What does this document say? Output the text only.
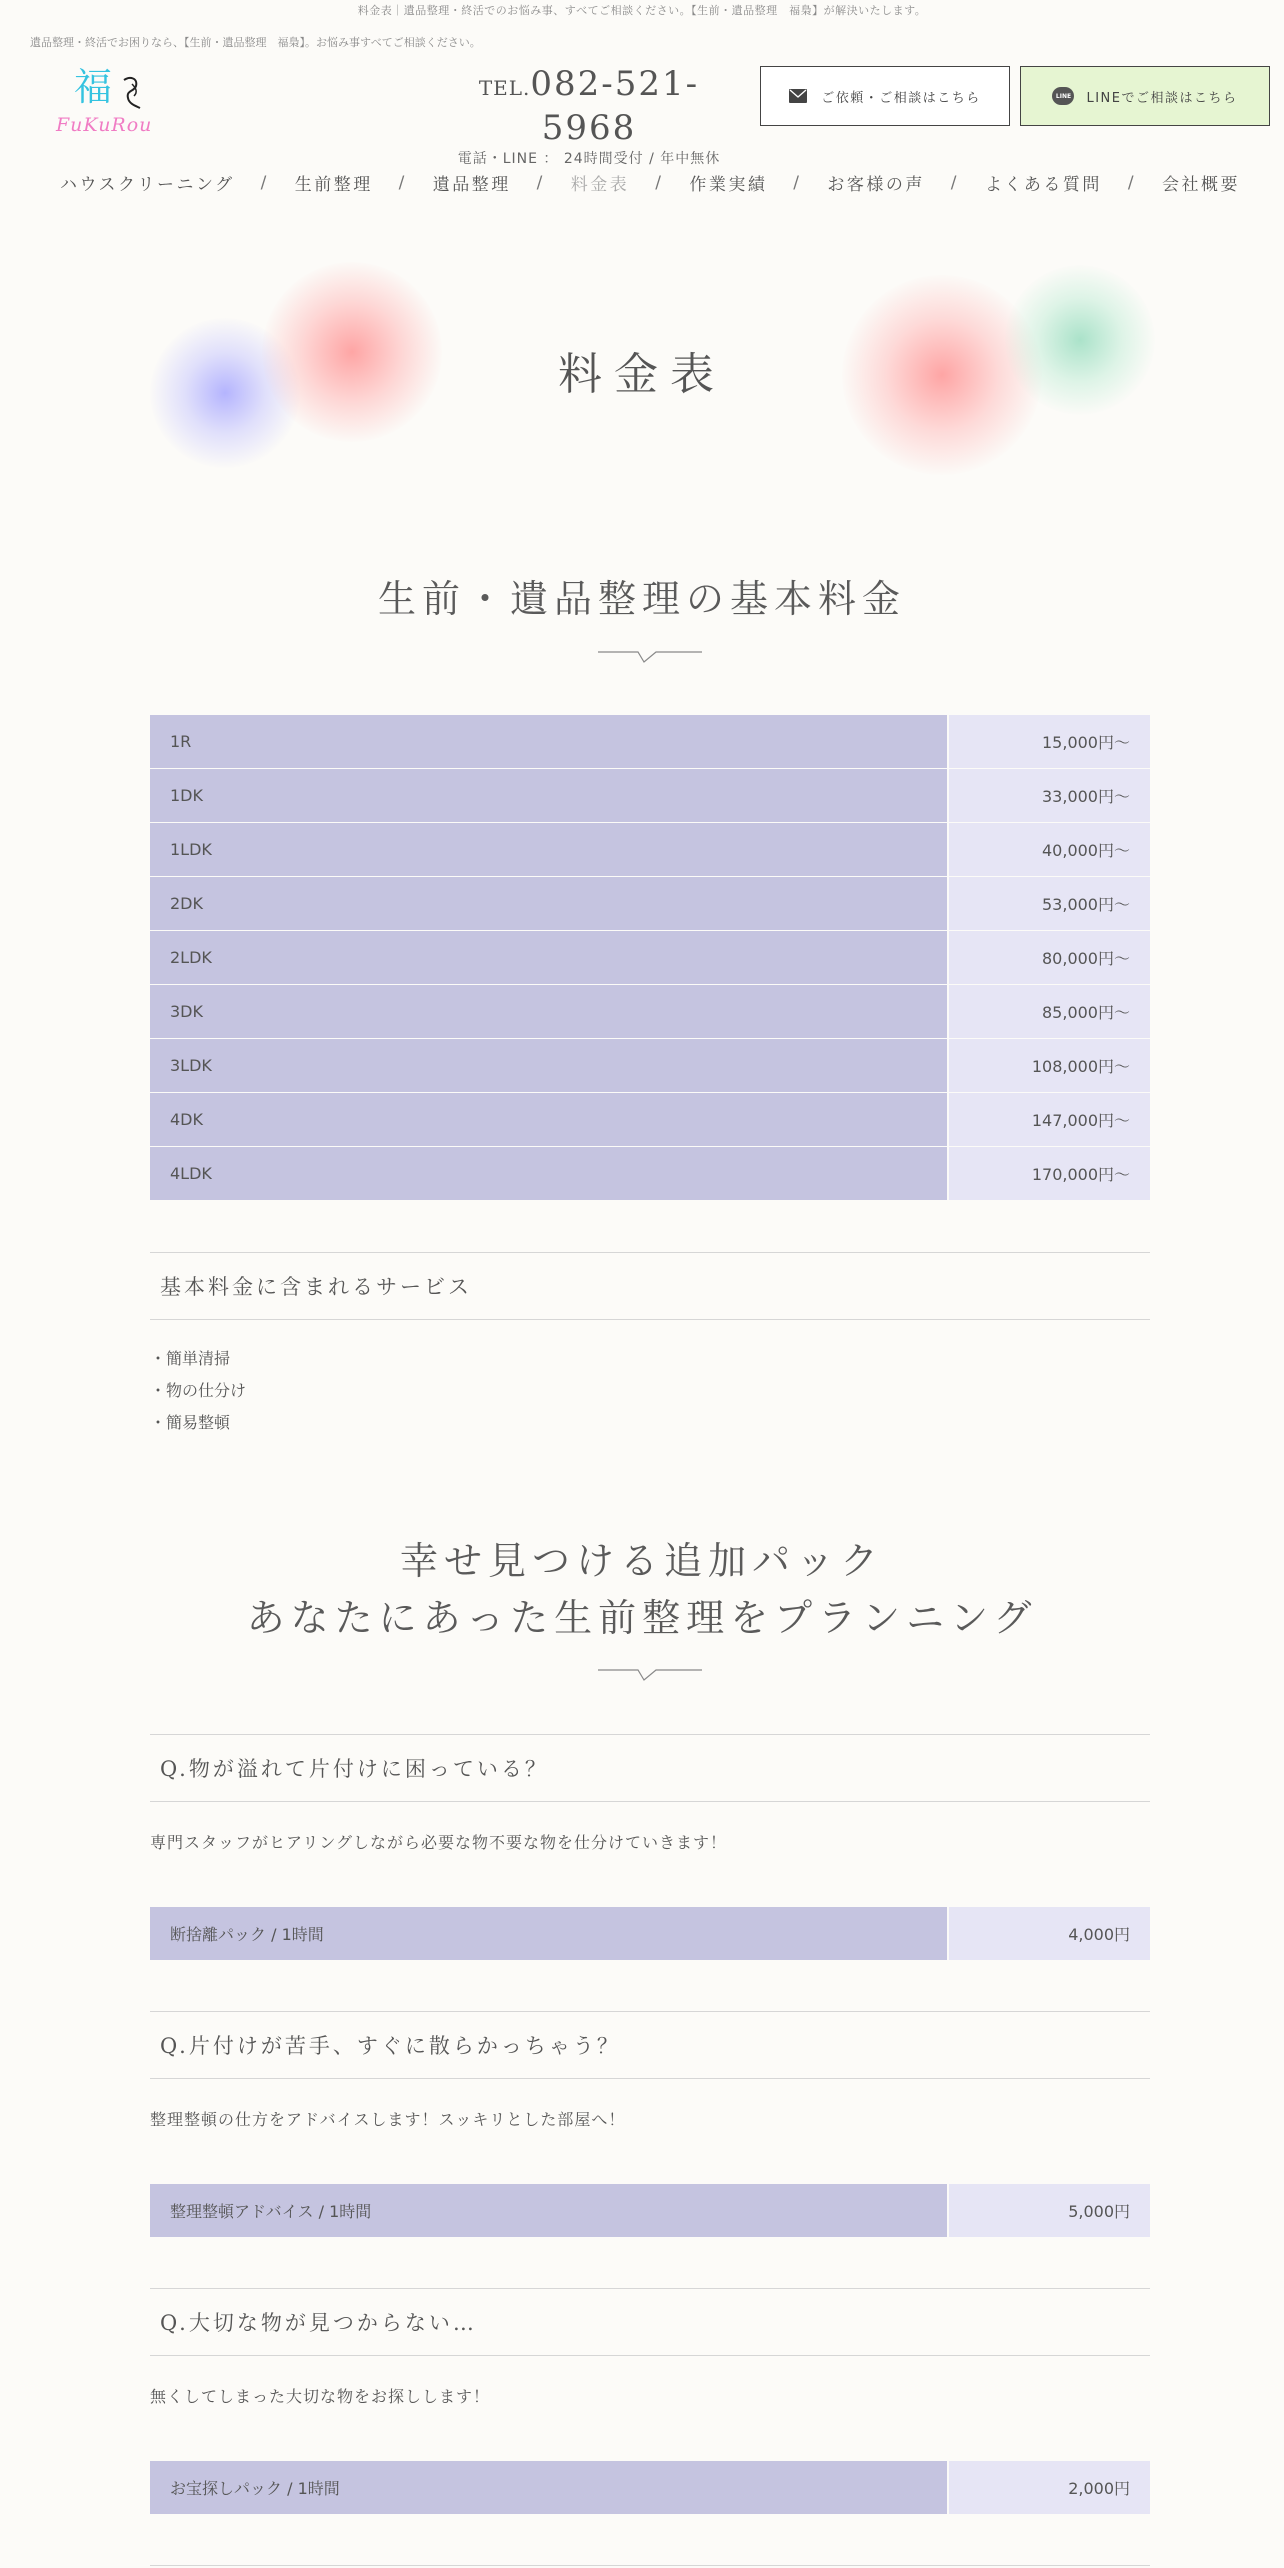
料金表｜遺品整理・終活でのお悩み事、すべてご相談ください。【生前・遺品整理　福梟】が解決いたします。
遺品整理・終活でお困りなら、【生前・遺品整理　福梟】。お悩み事すべてご相談ください。
福
FuKuRou
TEL.082-521-5968
電話・LINE ： 24時間受付 / 年中無休
ご依頼・ご相談はこちら	LINE LINEでご相談はこちら
ハウスクリーニング / 生前整理 / 遺品整理 / 料金表 / 作業実績 / お客様の声 / よくある質問 / 会社概要
料金表
生前・遺品整理の基本料金
1R	15,000円～
1DK	33,000円～
1LDK	40,000円～
2DK	53,000円～
2LDK	80,000円～
3DK	85,000円～
3LDK	108,000円～
4DK	147,000円～
4LDK	170,000円～
基本料金に含まれるサービス
・簡単清掃
・物の仕分け
・簡易整頓
幸せ見つける追加パック
あなたにあった生前整理をプランニング
Q.物が溢れて片付けに困っている？
専門スタッフがヒアリングしながら必要な物不要な物を仕分けていきます！
断捨離パック / 1時間	4,000円
Q.片付けが苦手、すぐに散らかっちゃう？
整理整頓の仕方をアドバイスします！スッキリとした部屋へ！
整理整頓アドバイス / 1時間	5,000円
Q.大切な物が見つからない…
無くしてしまった大切な物をお探しします！
お宝探しパック / 1時間	2,000円
